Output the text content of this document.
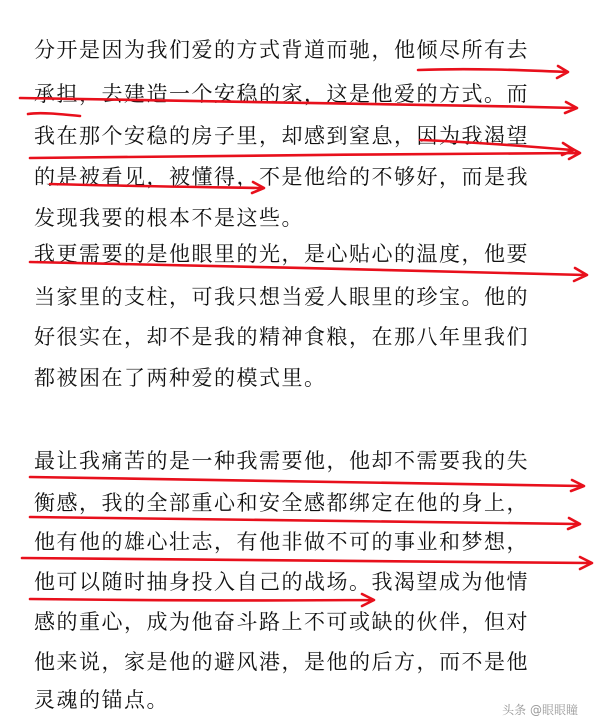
分开是因为我们爱的方式背道而驰，他倾尽所有去
承担，去建造一个安稳的家，这是他爱的方式。而
我在那个安稳的房子里，却感到窒息，因为我渴望
的是被看见，被懂得，不是他给的不够好，而是我
发现我要的根本不是这些。
我更需要的是他眼里的光，是心贴心的温度，他要
当家里的支柱，可我只想当爱人眼里的珍宝。他的
好很实在，却不是我的精神食粮，在那八年里我们
都被困在了两种爱的模式里。
最让我痛苦的是一种我需要他，他却不需要我的失
衡感，我的全部重心和安全感都绑定在他的身上，
他有他的雄心壮志，有他非做不可的事业和梦想，
他可以随时抽身投入自己的战场。我渴望成为他情
感的重心，成为他奋斗路上不可或缺的伙伴，但对
他来说，家是他的避风港，是他的后方，而不是他
灵魂的锚点。	头条 @眼眼瞳
